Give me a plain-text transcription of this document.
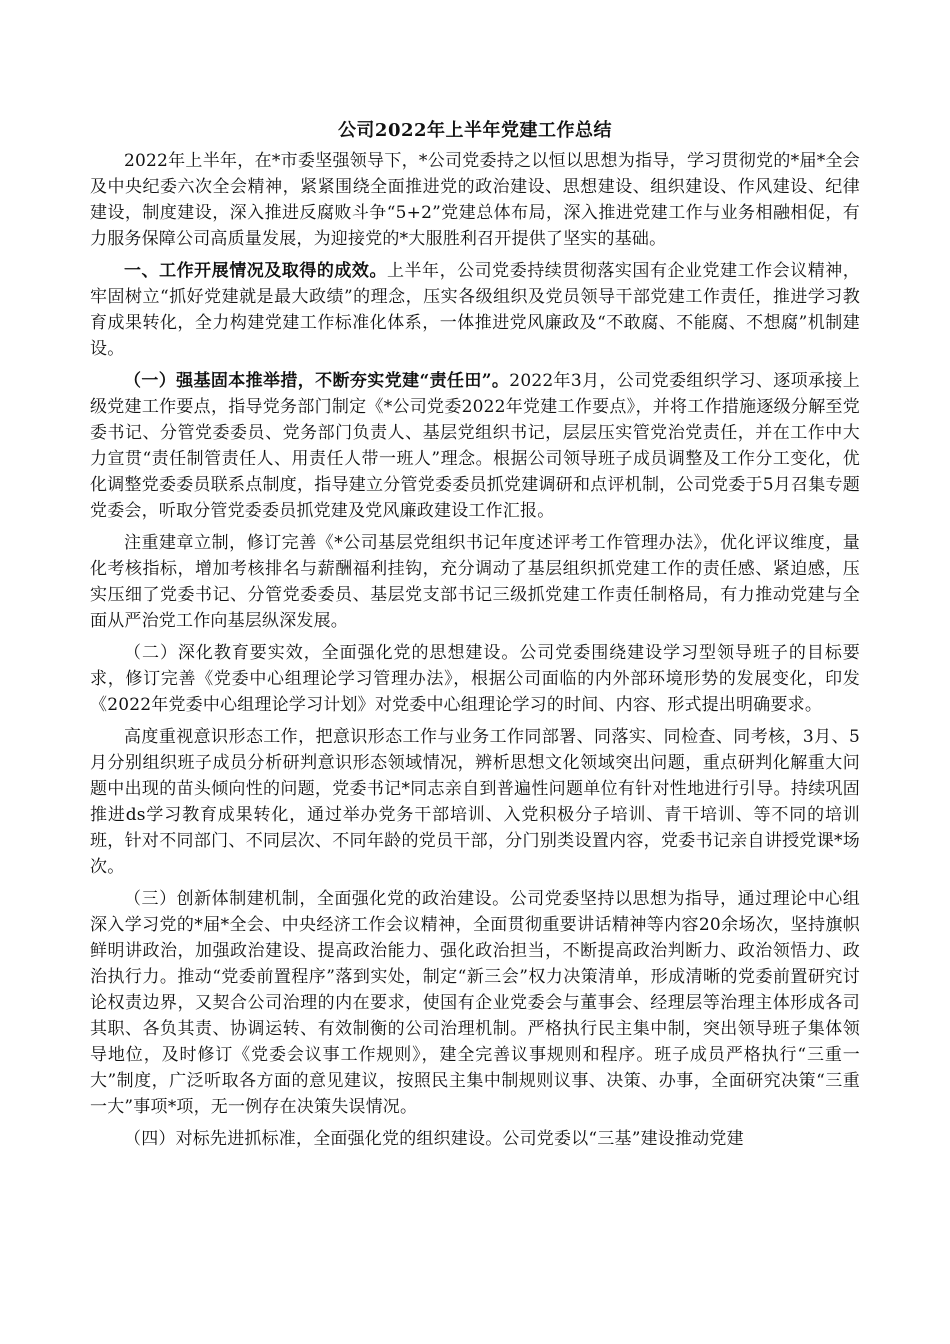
公司2022年上半年党建工作总结

2022年上半年，在*市委坚强领导下，*公司党委持之以恒以思想为指导，学习贯彻党的*届*全会及中央纪委六次全会精神，紧紧围绕全面推进党的政治建设、思想建设、组织建设、作风建设、纪律建设，制度建设，深入推进反腐败斗争“5+2”党建总体布局，深入推进党建工作与业务相融相促，有力服务保障公司高质量发展，为迎接党的*大服胜利召开提供了坚实的基础。

一、工作开展情况及取得的成效。上半年，公司党委持续贯彻落实国有企业党建工作会议精神，牢固树立“抓好党建就是最大政绩”的理念，压实各级组织及党员领导干部党建工作责任，推进学习教育成果转化，全力构建党建工作标准化体系，一体推进党风廉政及“不敢腐、不能腐、不想腐”机制建设。

（一）强基固本推举措，不断夯实党建“责任田”。2022年3月，公司党委组织学习、逐项承接上级党建工作要点，指导党务部门制定《*公司党委2022年党建工作要点》，并将工作措施逐级分解至党委书记、分管党委委员、党务部门负责人、基层党组织书记，层层压实管党治党责任，并在工作中大力宣贯“责任制管责任人、用责任人带一班人”理念。根据公司领导班子成员调整及工作分工变化，优化调整党委委员联系点制度，指导建立分管党委委员抓党建调研和点评机制，公司党委于5月召集专题党委会，听取分管党委委员抓党建及党风廉政建设工作汇报。

注重建章立制，修订完善《*公司基层党组织书记年度述评考工作管理办法》，优化评议维度，量化考核指标，增加考核排名与薪酬福利挂钩，充分调动了基层组织抓党建工作的责任感、紧迫感，压实压细了党委书记、分管党委委员、基层党支部书记三级抓党建工作责任制格局，有力推动党建与全面从严治党工作向基层纵深发展。

（二）深化教育要实效，全面强化党的思想建设。公司党委围绕建设学习型领导班子的目标要求，修订完善《党委中心组理论学习管理办法》，根据公司面临的内外部环境形势的发展变化，印发《2022年党委中心组理论学习计划》对党委中心组理论学习的时间、内容、形式提出明确要求。

高度重视意识形态工作，把意识形态工作与业务工作同部署、同落实、同检查、同考核，3月、5月分别组织班子成员分析研判意识形态领域情况，辨析思想文化领域突出问题，重点研判化解重大问题中出现的苗头倾向性的问题，党委书记*同志亲自到普遍性问题单位有针对性地进行引导。持续巩固推进ds学习教育成果转化，通过举办党务干部培训、入党积极分子培训、青干培训、等不同的培训班，针对不同部门、不同层次、不同年龄的党员干部，分门别类设置内容，党委书记亲自讲授党课*场次。

（三）创新体制建机制，全面强化党的政治建设。公司党委坚持以思想为指导，通过理论中心组深入学习党的*届*全会、中央经济工作会议精神，全面贯彻重要讲话精神等内容20余场次，坚持旗帜鲜明讲政治，加强政治建设、提高政治能力、强化政治担当，不断提高政治判断力、政治领悟力、政治执行力。推动“党委前置程序”落到实处，制定“新三会”权力决策清单，形成清晰的党委前置研究讨论权责边界，又契合公司治理的内在要求，使国有企业党委会与董事会、经理层等治理主体形成各司其职、各负其责、协调运转、有效制衡的公司治理机制。严格执行民主集中制，突出领导班子集体领导地位，及时修订《党委会议事工作规则》，建全完善议事规则和程序。班子成员严格执行“三重一大”制度，广泛听取各方面的意见建议，按照民主集中制规则议事、决策、办事，全面研究决策“三重一大”事项*项，无一例存在决策失误情况。

（四）对标先进抓标准，全面强化党的组织建设。公司党委以“三基”建设推动党建
